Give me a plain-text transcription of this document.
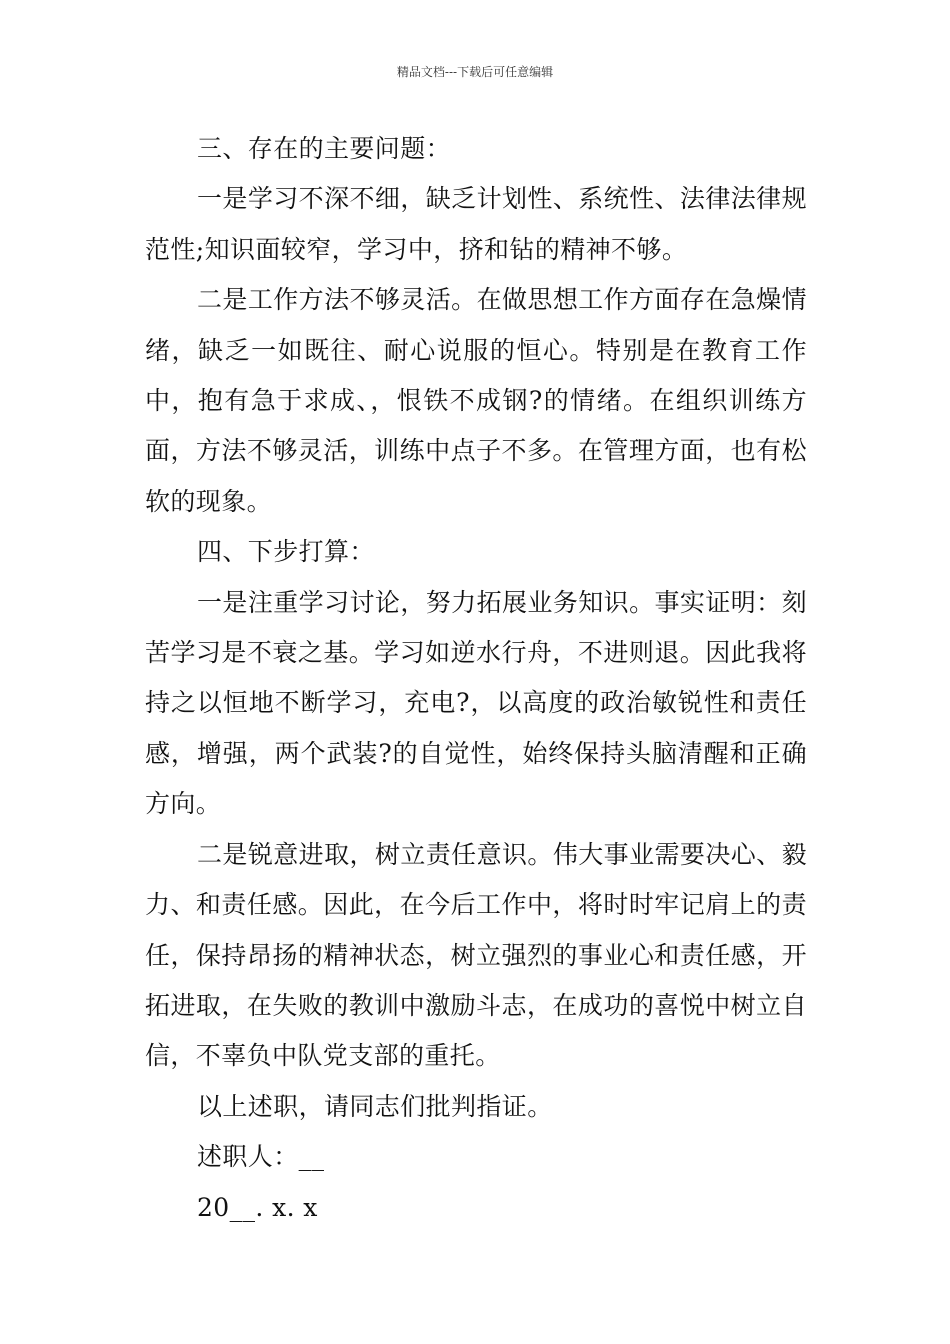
精品文档---下载后可任意编辑

三、存在的主要问题：

一是学习不深不细，缺乏计划性、系统性、法律法律规范性;知识面较窄，学习中，挤和钻的精神不够。

二是工作方法不够灵活。在做思想工作方面存在急燥情绪，缺乏一如既往、耐心说服的恒心。特别是在教育工作中，抱有急于求成、，恨铁不成钢?的情绪。在组织训练方面，方法不够灵活，训练中点子不多。在管理方面，也有松软的现象。

四、下步打算：

一是注重学习讨论，努力拓展业务知识。事实证明：刻苦学习是不衰之基。学习如逆水行舟，不进则退。因此我将持之以恒地不断学习，充电?，以高度的政治敏锐性和责任感，增强，两个武装?的自觉性，始终保持头脑清醒和正确方向。

二是锐意进取，树立责任意识。伟大事业需要决心、毅力、和责任感。因此，在今后工作中，将时时牢记肩上的责任，保持昂扬的精神状态，树立强烈的事业心和责任感，开拓进取，在失败的教训中激励斗志，在成功的喜悦中树立自信，不辜负中队党支部的重托。

以上述职，请同志们批判指证。

述职人：__

20__. x. x
